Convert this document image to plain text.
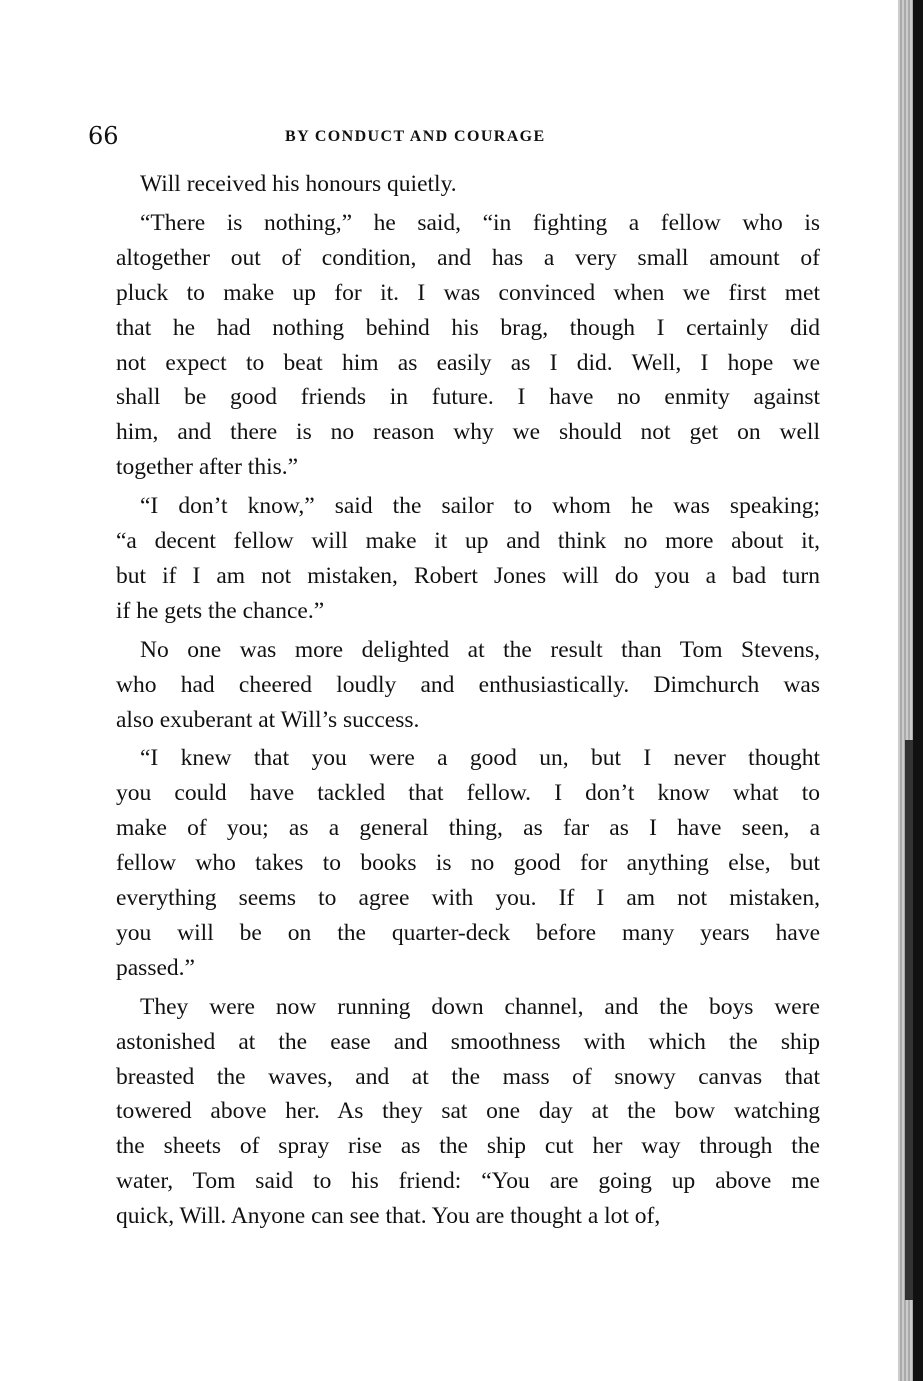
66	BY CONDUCT AND COURAGE
Will received his honours quietly.
“There is nothing,” he said, “in fighting a fellow who is
altogether out of condition, and has a very small amount of
pluck to make up for it. I was convinced when we first met
that he had nothing behind his brag, though I certainly did
not expect to beat him as easily as I did. Well, I hope we
shall be good friends in future. I have no enmity against
him, and there is no reason why we should not get on well
together after this.”
“I don’t know,” said the sailor to whom he was speaking;
“a decent fellow will make it up and think no more about it,
but if I am not mistaken, Robert Jones will do you a bad turn
if he gets the chance.”
No one was more delighted at the result than Tom Stevens,
who had cheered loudly and enthusiastically. Dimchurch was
also exuberant at Will’s success.
“I knew that you were a good un, but I never thought
you could have tackled that fellow. I don’t know what to
make of you; as a general thing, as far as I have seen, a
fellow who takes to books is no good for anything else, but
everything seems to agree with you. If I am not mistaken,
you will be on the quarter-deck before many years have
passed.”
They were now running down channel, and the boys were
astonished at the ease and smoothness with which the ship
breasted the waves, and at the mass of snowy canvas that
towered above her. As they sat one day at the bow watching
the sheets of spray rise as the ship cut her way through the
water, Tom said to his friend: “You are going up above me
quick, Will. Anyone can see that. You are thought a lot of,
